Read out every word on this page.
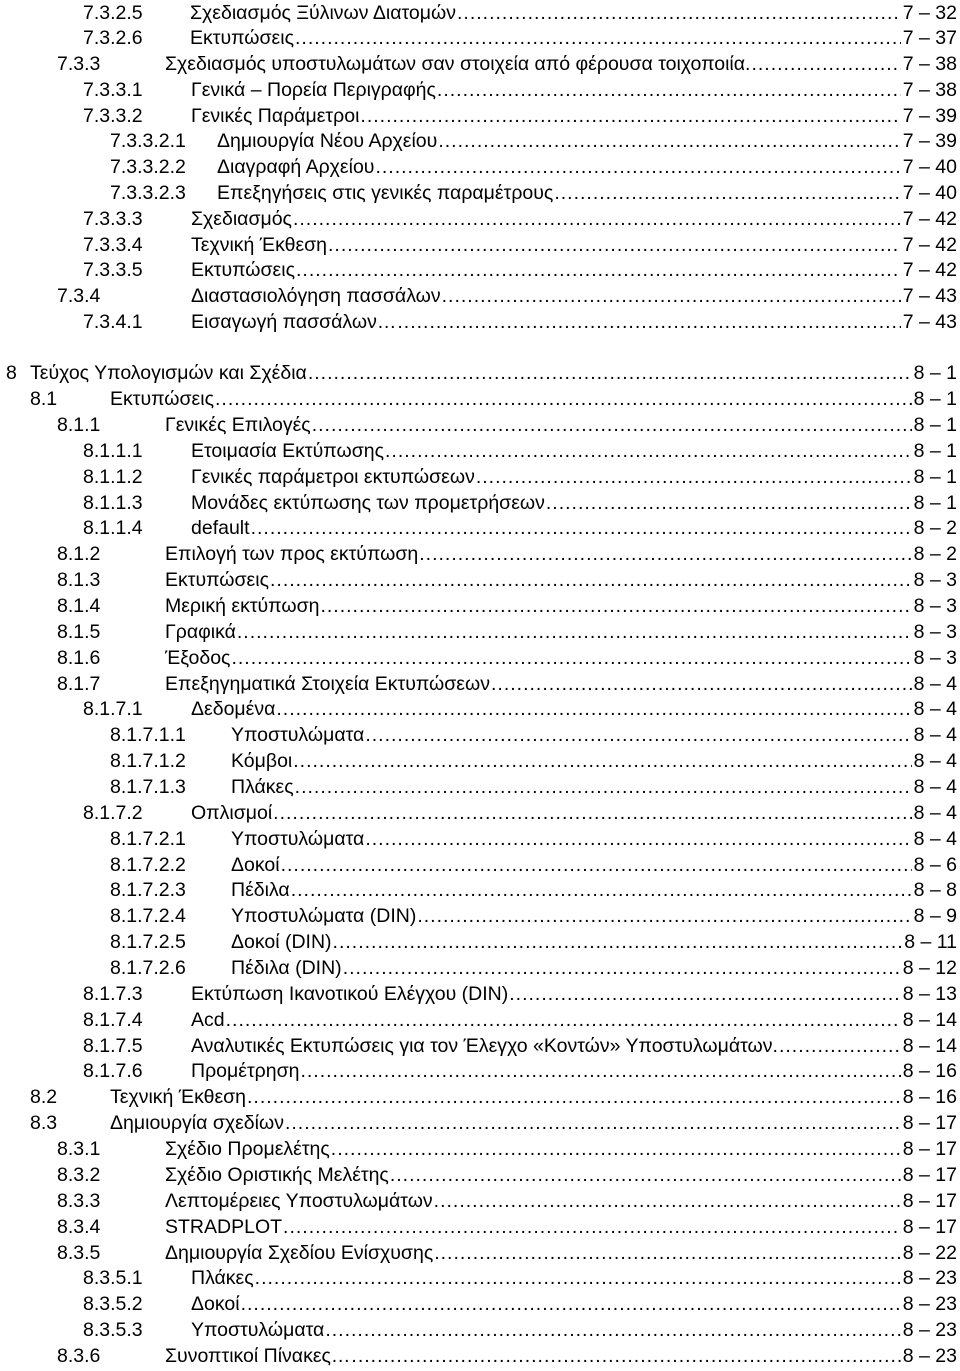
7.3.2.5 Σχεδιασμός Ξύλινων Διατομών .....	7 – 32
7.3.2.6 Εκτυπώσεις .....	7 – 37
7.3.3	Σχεδιασμός υποστυλωμάτων σαν στοιχεία από φέρουσα τοιχοποιία. .....	7 – 38
7.3.3.1 Γενικά – Πορεία Περιγραφής .....	7 – 38
7.3.3.2 Γενικές Παράμετροι .....	7 – 39
7.3.3.2.1 Δημιουργία Νέου Αρχείου .....	7 – 39
7.3.3.2.2 Διαγραφή Αρχείου .....	7 – 40
7.3.3.2.3 Επεξηγήσεις στις γενικές παραμέτρους .....	7 – 40
7.3.3.3 Σχεδιασμός .....	7 – 42
7.3.3.4 Τεχνική Έκθεση .....	7 – 42
7.3.3.5 Εκτυπώσεις .....	7 – 42
7.3.4	Διαστασιολόγηση πασσάλων .....	7 – 43
7.3.4.1 Εισαγωγή πασσάλων… .....	7 – 43
8 Τεύχος Υπολογισμών και Σχέδια .....	8 – 1
8.1	Εκτυπώσεις .....	8 – 1
8.1.1	Γενικές Επιλογές .....	8 – 1
8.1.1.1 Ετοιμασία Εκτύπωσης .....	8 – 1
8.1.1.2 Γενικές παράμετροι εκτυπώσεων .....	8 – 1
8.1.1.3 Μονάδες εκτύπωσης των προμετρήσεων .....	8 – 1
8.1.1.4 default .....	8 – 2
8.1.2	Επιλογή των προς εκτύπωση .....	8 – 2
8.1.3	Εκτυπώσεις .....	8 – 3
8.1.4	Μερική εκτύπωση .....	8 – 3
8.1.5	Γραφικά .....	8 – 3
8.1.6	Έξοδος .....	8 – 3
8.1.7	Επεξηγηματικά Στοιχεία Εκτυπώσεων .....	8 – 4
8.1.7.1 Δεδομένα .....	8 – 4
8.1.7.1.1 Υποστυλώματα .....	8 – 4
8.1.7.1.2 Κόμβοι .....	8 – 4
8.1.7.1.3 Πλάκες .....	8 – 4
8.1.7.2 Οπλισμοί .....	8 – 4
8.1.7.2.1 Υποστυλώματα .....	8 – 4
8.1.7.2.2 Δοκοί .....	8 – 6
8.1.7.2.3 Πέδιλα .....	8 – 8
8.1.7.2.4 Υποστυλώματα (DIN) .....	8 – 9
8.1.7.2.5 Δοκοί (DIN) .....	8 – 11
8.1.7.2.6 Πέδιλα (DIN) .....	8 – 12
8.1.7.3 Εκτύπωση Ικανοτικού Ελέγχου (DIN) .....	8 – 13
8.1.7.4 Acd .....	8 – 14
8.1.7.5 Αναλυτικές Εκτυπώσεις για τον Έλεγχο «Κοντών» Υποστυλωμάτων. .....	8 – 14
8.1.7.6 Προμέτρηση .....	8 – 16
8.2	Τεχνική Έκθεση .....	8 – 16
8.3	Δημιουργία σχεδίων .....	8 – 17
8.3.1	Σχέδιο Προμελέτης .....	8 – 17
8.3.2	Σχέδιο Οριστικής Μελέτης .....	8 – 17
8.3.3	Λεπτομέρειες Υποστυλωμάτων .....	8 – 17
8.3.4	STRADPLOT .....	8 – 17
8.3.5	Δημιουργία Σχεδίου Ενίσχυσης .....	8 – 22
8.3.5.1 Πλάκες .....	8 – 23
8.3.5.2 Δοκοί .....	8 – 23
8.3.5.3 Υποστυλώματα .....	8 – 23
8.3.6	Συνοπτικοί Πίνακες… .....	8 – 23
